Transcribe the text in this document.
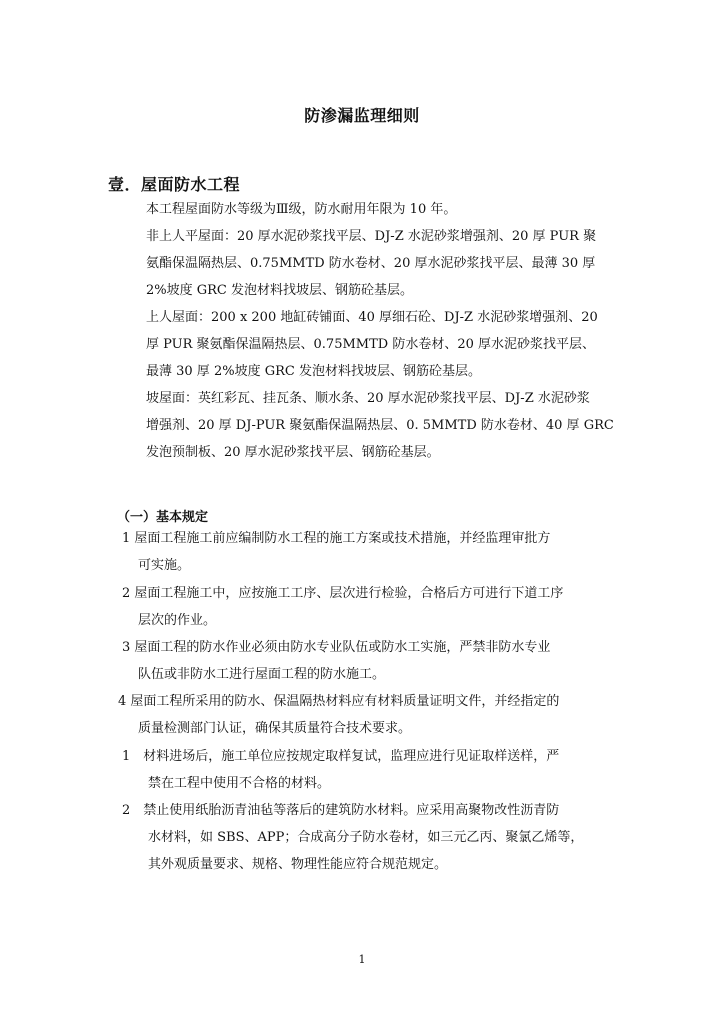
防渗漏监理细则
壹．屋面防水工程
本工程屋面防水等级为Ⅲ级，防水耐用年限为 10 年。
非上人平屋面：20 厚水泥砂浆找平层、DJ-Z 水泥砂浆增强剂、20 厚 PUR 聚
氨酯保温隔热层、0.75MMTD 防水卷材、20 厚水泥砂浆找平层、最薄 30 厚
2%坡度 GRC 发泡材料找坡层、钢筋砼基层。
上人屋面：200 x 200 地缸砖铺面、40 厚细石砼、DJ-Z 水泥砂浆增强剂、20
厚 PUR 聚氨酯保温隔热层、0.75MMTD 防水卷材、20 厚水泥砂浆找平层、
最薄 30 厚 2%坡度 GRC 发泡材料找坡层、钢筋砼基层。
坡屋面：英红彩瓦、挂瓦条、顺水条、20 厚水泥砂浆找平层、DJ-Z 水泥砂浆
增强剂、20 厚 DJ-PUR 聚氨酯保温隔热层、0. 5MMTD 防水卷材、40 厚 GRC
发泡预制板、20 厚水泥砂浆找平层、钢筋砼基层。
（一）基本规定
1 屋面工程施工前应编制防水工程的施工方案或技术措施，并经监理审批方
可实施。
2 屋面工程施工中，应按施工工序、层次进行检验，合格后方可进行下道工序
层次的作业。
3 屋面工程的防水作业必须由防水专业队伍或防水工实施，严禁非防水专业
队伍或非防水工进行屋面工程的防水施工。
4 屋面工程所采用的防水、保温隔热材料应有材料质量证明文件，并经指定的
质量检测部门认证，确保其质量符合技术要求。
1　材料进场后，施工单位应按规定取样复试，监理应进行见证取样送样，严
禁在工程中使用不合格的材料。
2　禁止使用纸胎沥青油毡等落后的建筑防水材料。应采用高聚物改性沥青防
水材料，如 SBS、APP；合成高分子防水卷材，如三元乙丙、聚氯乙烯等，
其外观质量要求、规格、物理性能应符合规范规定。
1
